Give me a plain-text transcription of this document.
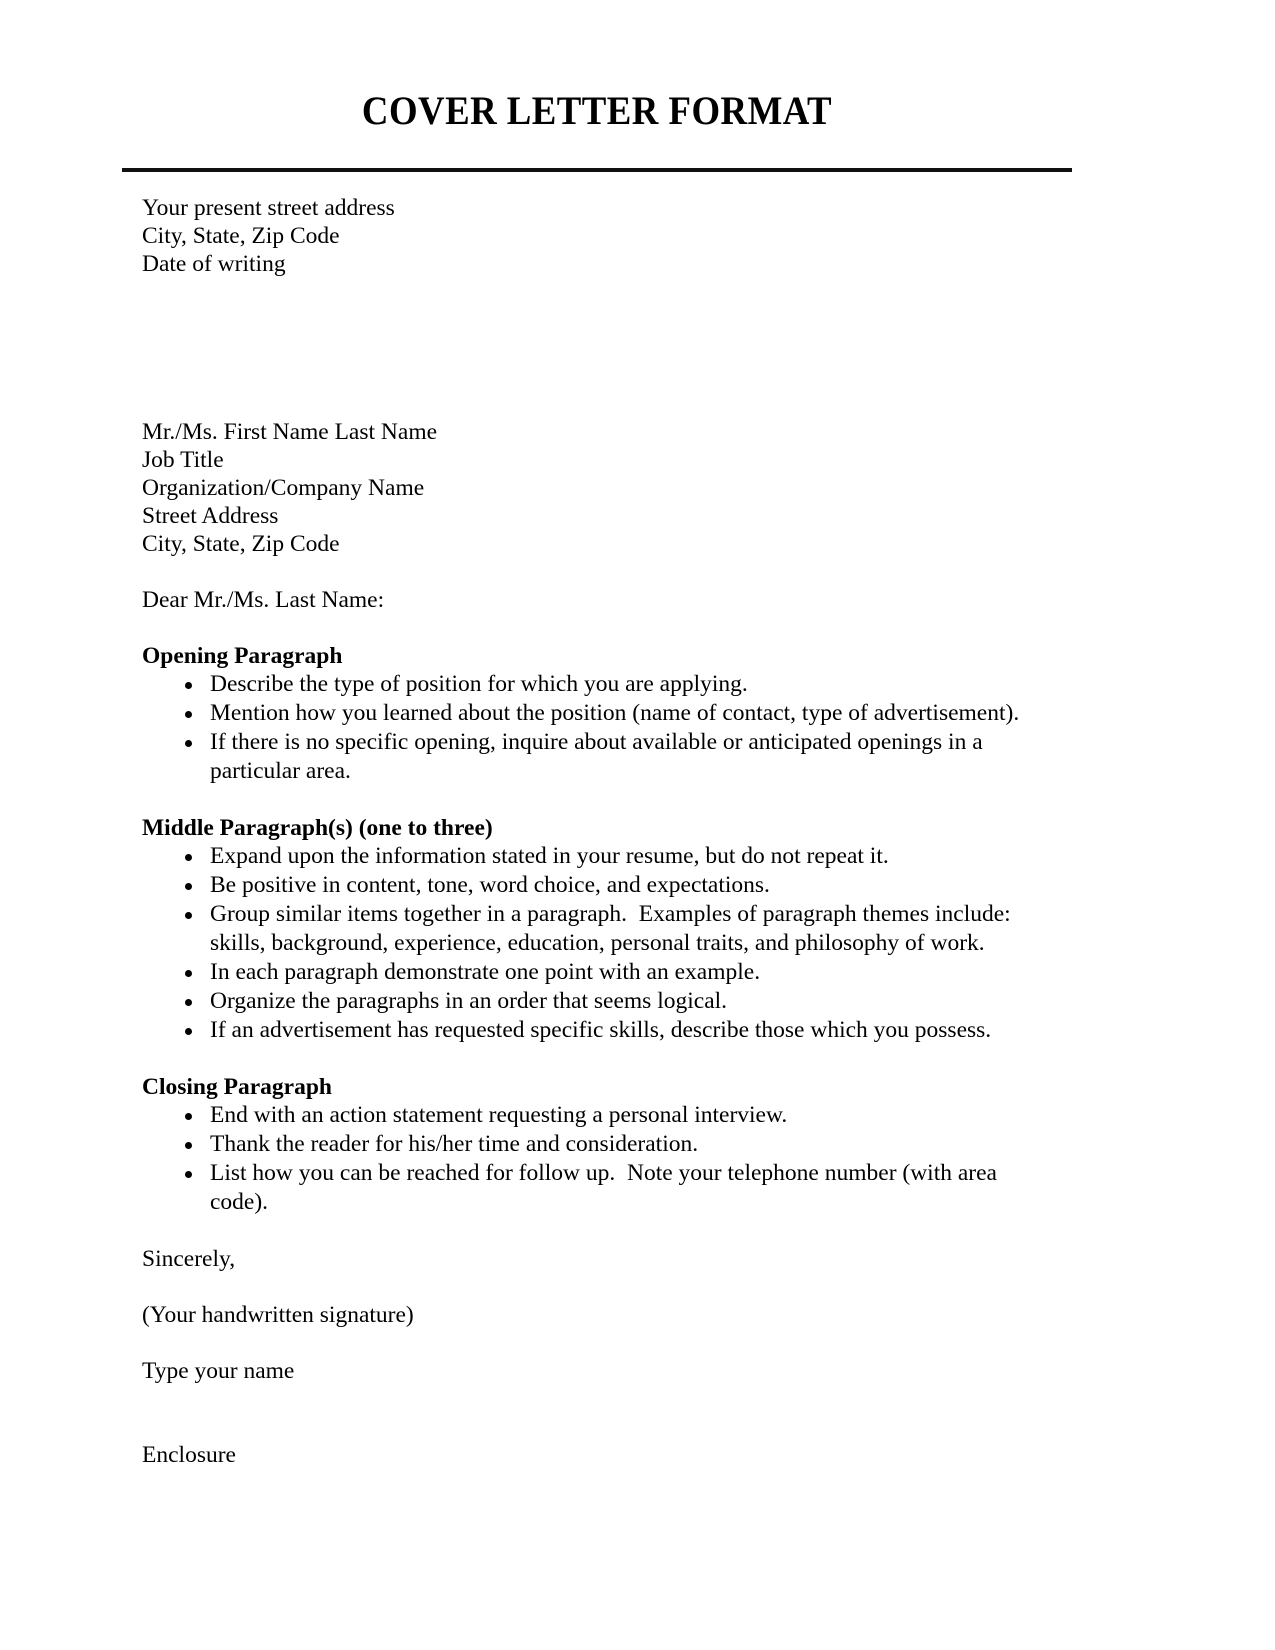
COVER LETTER FORMAT
Your present street address
City, State, Zip Code
Date of writing
Mr./Ms. First Name Last Name
Job Title
Organization/Company Name
Street Address
City, State, Zip Code
Dear Mr./Ms. Last Name:
Opening Paragraph
Describe the type of position for which you are applying.
Mention how you learned about the position (name of contact, type of advertisement).
If there is no specific opening, inquire about available or anticipated openings in a particular area.
Middle Paragraph(s) (one to three)
Expand upon the information stated in your resume, but do not repeat it.
Be positive in content, tone, word choice, and expectations.
Group similar items together in a paragraph.  Examples of paragraph themes include: skills, background, experience, education, personal traits, and philosophy of work.
In each paragraph demonstrate one point with an example.
Organize the paragraphs in an order that seems logical.
If an advertisement has requested specific skills, describe those which you possess.
Closing Paragraph
End with an action statement requesting a personal interview.
Thank the reader for his/her time and consideration.
List how you can be reached for follow up.  Note your telephone number (with area code).
Sincerely,
(Your handwritten signature)
Type your name
Enclosure
